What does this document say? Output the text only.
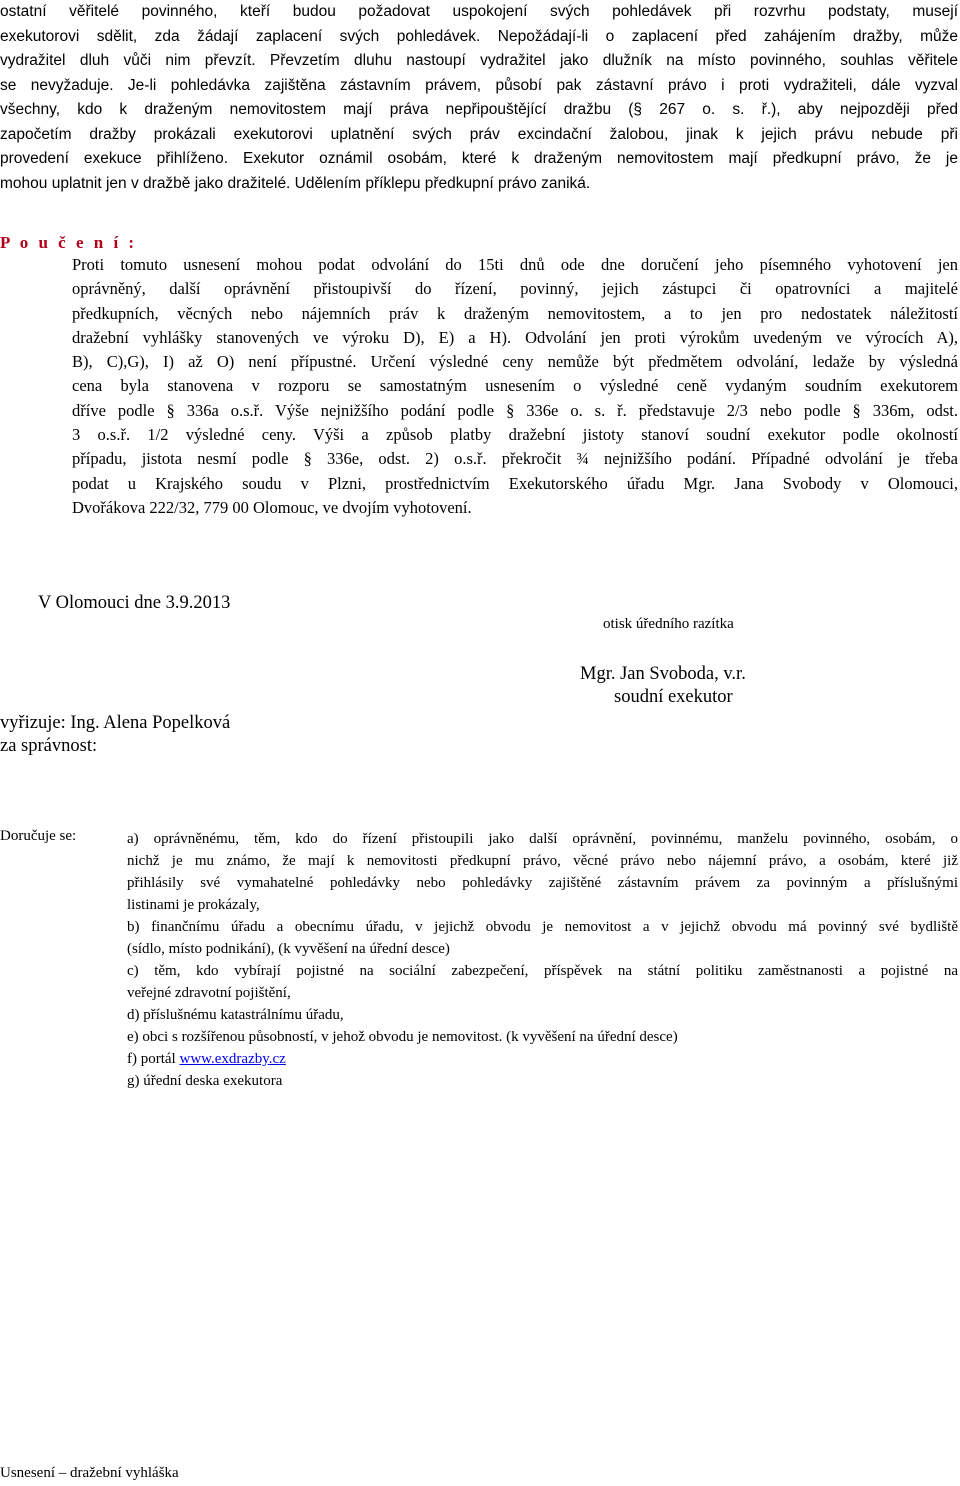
ostatní věřitelé povinného, kteří budou požadovat uspokojení svých pohledávek při rozvrhu podstaty, musejí
exekutorovi sdělit, zda žádají zaplacení svých pohledávek. Nepožádají-li o zaplacení před zahájením dražby, může
vydražitel dluh vůči nim převzít. Převzetím dluhu nastoupí vydražitel jako dlužník na místo povinného, souhlas věřitele
se nevyžaduje. Je-li pohledávka zajištěna zástavním právem, působí pak zástavní právo i proti vydražiteli, dále vyzval
všechny, kdo k draženým nemovitostem mají práva nepřipouštějící dražbu (§ 267 o. s. ř.), aby nejpozději před
započetím dražby prokázali exekutorovi uplatnění svých práv excindační žalobou, jinak k jejich právu nebude při
provedení exekuce přihlíženo. Exekutor oznámil osobám, které k draženým nemovitostem mají předkupní právo, že je
mohou uplatnit jen v dražbě jako dražitelé. Udělením příklepu předkupní právo zaniká.
P o u č e n í :
Proti tomuto usnesení mohou podat odvolání do 15ti dnů ode dne doručení jeho písemného vyhotovení jen
oprávněný, další oprávnění přistoupivší do řízení, povinný, jejich zástupci či opatrovníci a majitelé
předkupních, věcných nebo nájemních práv k draženým nemovitostem, a to jen pro nedostatek náležitostí
dražební vyhlášky stanovených ve výroku D), E) a H). Odvolání jen proti výrokům uvedeným ve výrocích A),
B), C),G), I) až O) není přípustné. Určení výsledné ceny nemůže být předmětem odvolání, ledaže by výsledná
cena byla stanovena v rozporu se samostatným usnesením o výsledné ceně vydaným soudním exekutorem
dříve podle § 336a o.s.ř. Výše nejnižšího podání podle § 336e o. s. ř. představuje 2/3 nebo podle § 336m, odst.
3 o.s.ř. 1/2 výsledné ceny. Výši a způsob platby dražební jistoty stanoví soudní exekutor podle okolností
případu, jistota nesmí podle § 336e, odst. 2) o.s.ř. překročit ¾ nejnižšího podání. Případné odvolání je třeba
podat u Krajského soudu v Plzni, prostřednictvím Exekutorského úřadu Mgr. Jana Svobody v Olomouci,
Dvořákova 222/32, 779 00 Olomouc, ve dvojím vyhotovení.
V Olomouci dne 3.9.2013
otisk úředního razítka
Mgr. Jan Svoboda, v.r.
soudní exekutor
vyřizuje: Ing. Alena Popelková
za správnost:
Doručuje se:	a) oprávněnému, těm, kdo do řízení přistoupili jako další oprávnění, povinnému, manželu povinného, osobám, o
nichž je mu známo, že mají k nemovitosti předkupní právo, věcné právo nebo nájemní právo, a osobám, které již
přihlásily své vymahatelné pohledávky nebo pohledávky zajištěné zástavním právem za povinným a příslušnými
listinami je prokázaly,
b) finančnímu úřadu a obecnímu úřadu, v jejichž obvodu je nemovitost a v jejichž obvodu má povinný své bydliště
(sídlo, místo podnikání), (k vyvěšení na úřední desce)
c) těm, kdo vybírají pojistné na sociální zabezpečení, příspěvek na státní politiku zaměstnanosti a pojistné na
veřejné zdravotní pojištění,
d) příslušnému katastrálnímu úřadu,
e) obci s rozšířenou působností, v jehož obvodu je nemovitost. (k vyvěšení na úřední desce)
f) portál www.exdrazby.cz
g) úřední deska exekutora
Usnesení – dražební vyhláška
